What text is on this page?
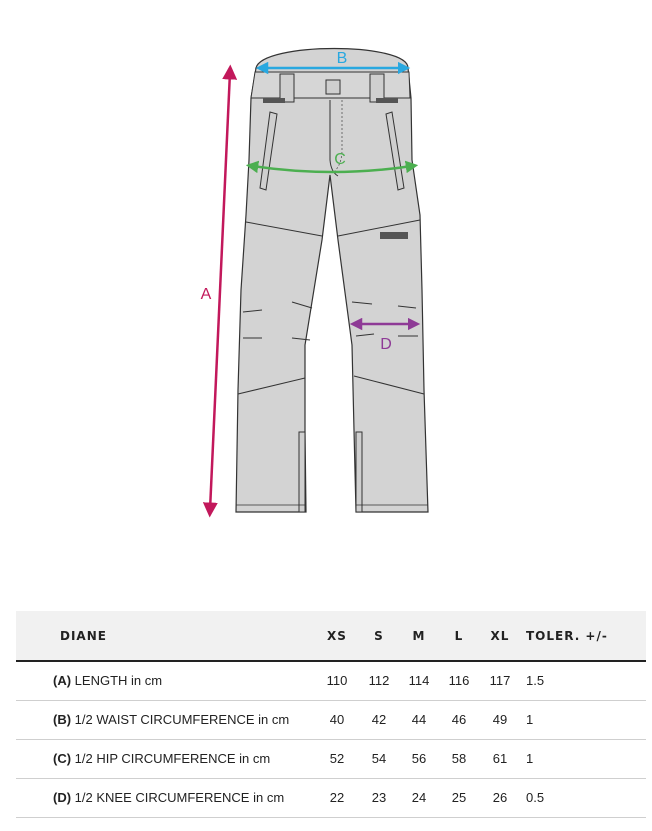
A
B
C
D
DIANE	XS	S	M	L	XL	TOLER. +/-
(A) LENGTH in cm	110	112	114	116	117	1.5
(B) 1/2 WAIST CIRCUMFERENCE in cm	40	42	44	46	49	1
(C) 1/2 HIP CIRCUMFERENCE in cm	52	54	56	58	61	1
(D) 1/2 KNEE CIRCUMFERENCE in cm	22	23	24	25	26	0.5
